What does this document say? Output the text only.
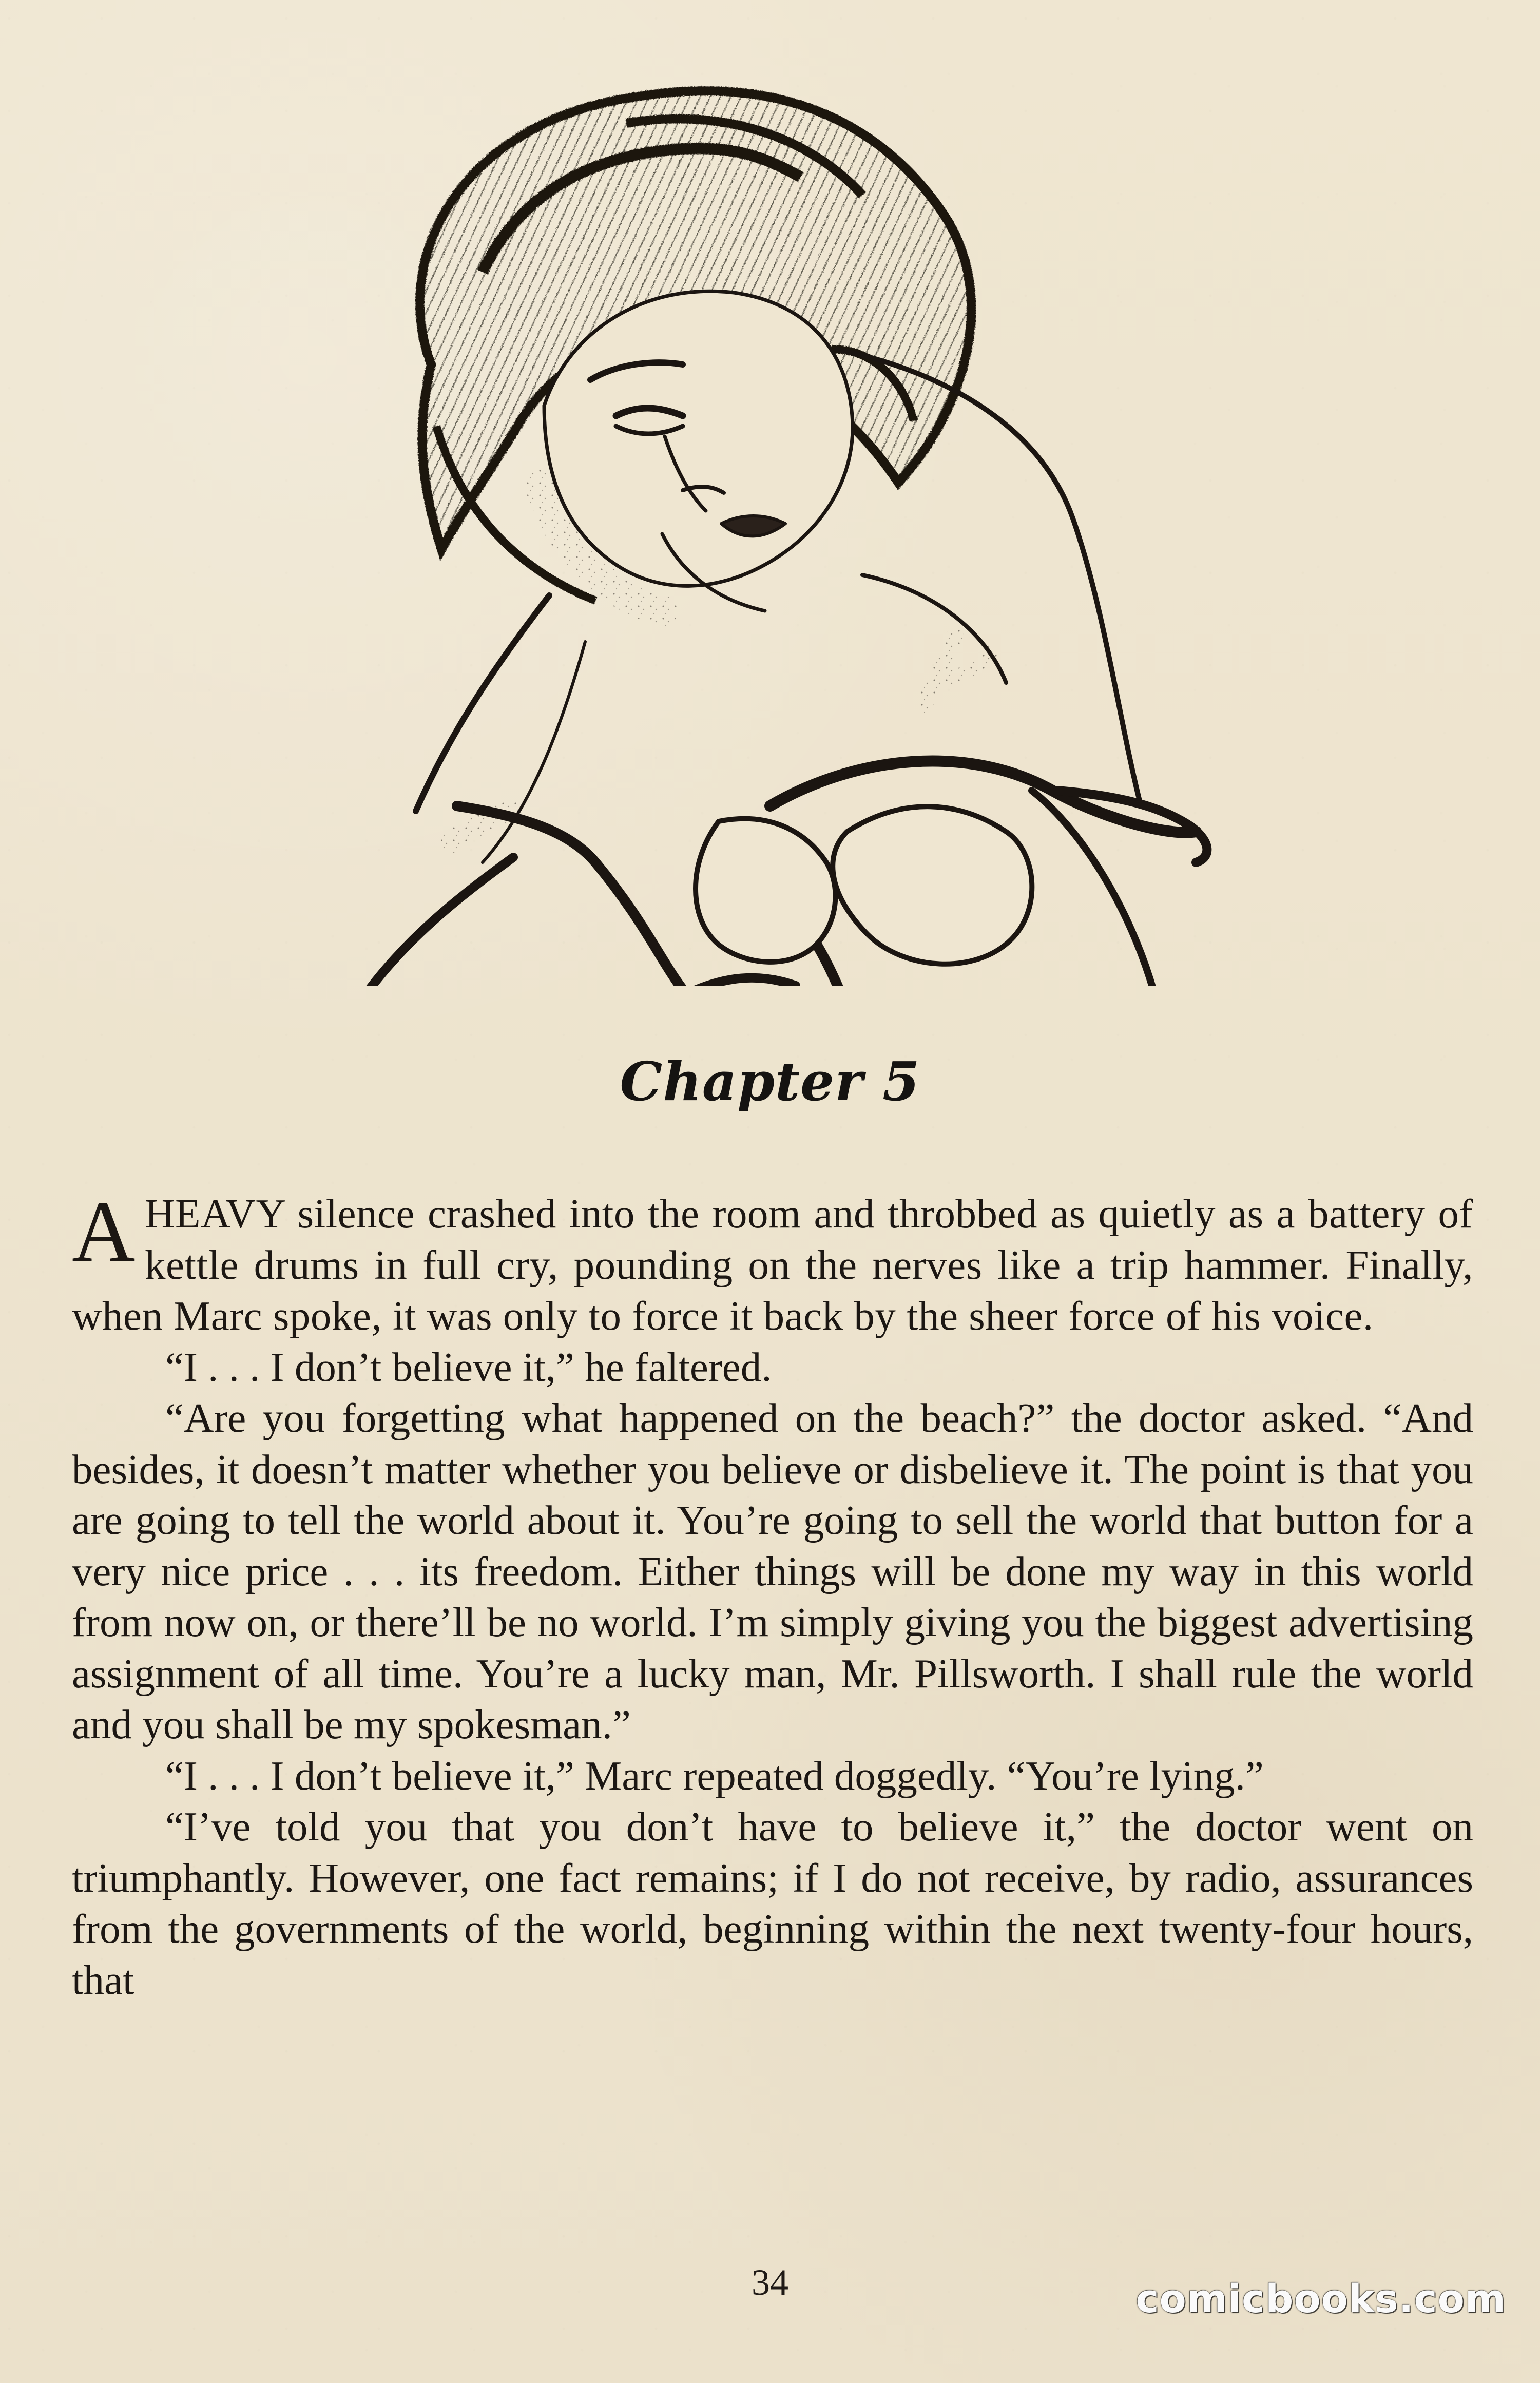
Chapter 5

A HEAVY silence crashed into the room and throbbed as quietly as a battery of kettle drums in full cry, pounding on the nerves like a trip hammer. Finally, when Marc spoke, it was only to force it back by the sheer force of his voice.

“I . . . I don’t believe it,” he faltered.

“Are you forgetting what happened on the beach?” the doctor asked. “And besides, it doesn’t matter whether you believe or disbelieve it. The point is that you are going to tell the world about it. You’re going to sell the world that button for a very nice price . . . its freedom. Either things will be done my way in this world from now on, or there’ll be no world. I’m simply giving you the biggest advertising assignment of all time. You’re a lucky man, Mr. Pillsworth. I shall rule the world and you shall be my spokesman.”

“I . . . I don’t believe it,” Marc repeated doggedly. “You’re lying.”

“I’ve told you that you don’t have to believe it,” the doctor went on triumphantly. However, one fact remains; if I do not receive, by radio, assurances from the governments of the world, beginning within the next twenty-four hours, that

34	comicbooks.com
